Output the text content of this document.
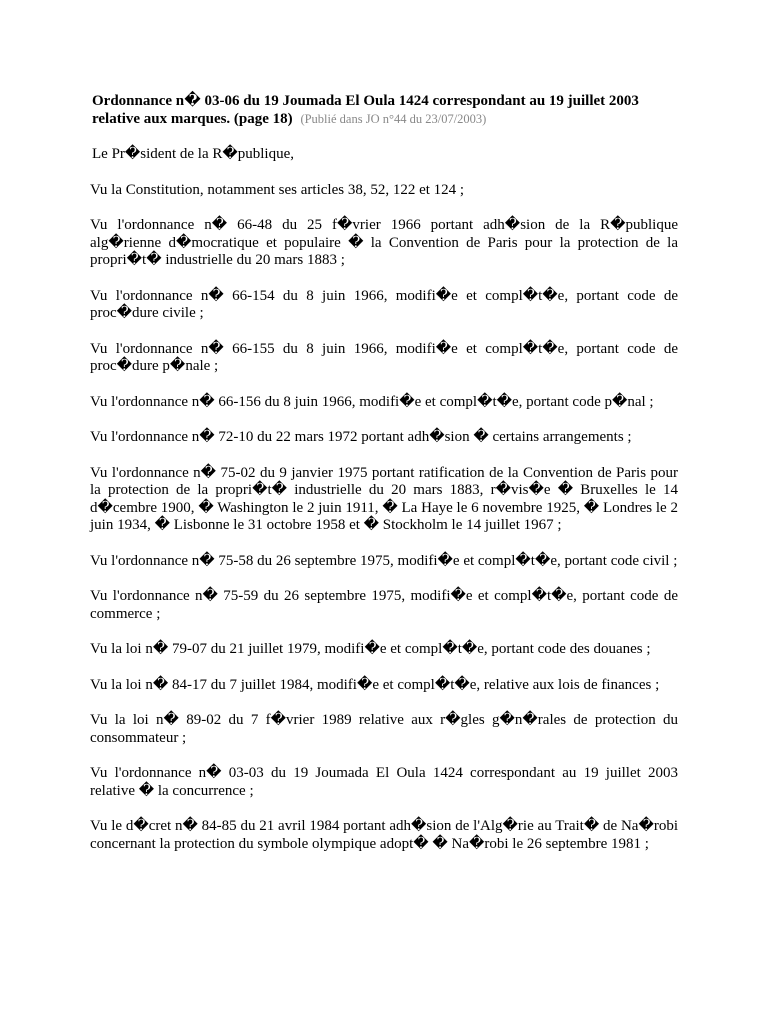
Ordonnance n� 03-06 du 19 Joumada El Oula 1424 correspondant au 19 juillet 2003 relative aux marques. (page 18) (Publié dans JO n°44 du 23/07/2003)
Le Pr�sident de la R�publique,
Vu la Constitution, notamment ses articles 38, 52, 122 et 124 ;
Vu l'ordonnance n� 66-48 du 25 f�vrier 1966 portant adh�sion de la R�publique alg�rienne d�mocratique et populaire � la Convention de Paris pour la protection de la propri�t� industrielle du 20 mars 1883 ;
Vu l'ordonnance n� 66-154 du 8 juin 1966, modifi�e et compl�t�e, portant code de proc�dure civile ;
Vu l'ordonnance n� 66-155 du 8 juin 1966, modifi�e et compl�t�e, portant code de proc�dure p�nale ;
Vu l'ordonnance n� 66-156 du 8 juin 1966, modifi�e et compl�t�e, portant code p�nal ;
Vu l'ordonnance n� 72-10 du 22 mars 1972 portant adh�sion � certains arrangements ;
Vu l'ordonnance n� 75-02 du 9 janvier 1975 portant ratification de la Convention de Paris pour la protection de la propri�t� industrielle du 20 mars 1883, r�vis�e � Bruxelles le 14 d�cembre 1900, � Washington le 2 juin 1911, � La Haye le 6 novembre 1925, � Londres le 2 juin 1934, � Lisbonne le 31 octobre 1958 et � Stockholm le 14 juillet 1967 ;
Vu l'ordonnance n� 75-58 du 26 septembre 1975, modifi�e et compl�t�e, portant code civil ;
Vu l'ordonnance n� 75-59 du 26 septembre 1975, modifi�e et compl�t�e, portant code de commerce ;
Vu la loi n� 79-07 du 21 juillet 1979, modifi�e et compl�t�e, portant code des douanes ;
Vu la loi n� 84-17 du 7 juillet 1984, modifi�e et compl�t�e, relative aux lois de finances ;
Vu la loi n� 89-02 du 7 f�vrier 1989 relative aux r�gles g�n�rales de protection du consommateur ;
Vu l'ordonnance n� 03-03 du 19 Joumada El Oula 1424 correspondant au 19 juillet 2003 relative � la concurrence ;
Vu le d�cret n� 84-85 du 21 avril 1984 portant adh�sion de l'Alg�rie au Trait� de Na�robi concernant la protection du symbole olympique adopt� � Na�robi le 26 septembre 1981 ;
